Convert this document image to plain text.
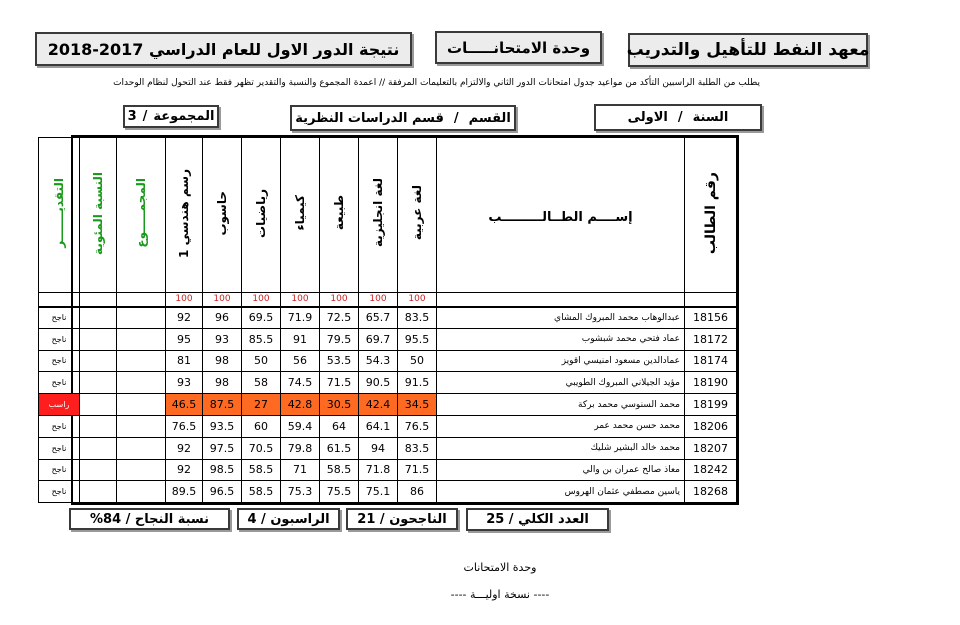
معهد النفط للتأهيل والتدريب
وحدة الامتحانـــــات
نتيجة الدور الاول للعام الدراسي 2017-2018
يطلب من الطلبة الراسبين التأكد من مواعيد جدول امتحانات الدور الثاني والالتزام بالتعليمات المرفقة // اعمدة المجموع والنسبة والتقدير تظهر فقط عند التحول لنظام الوحدات
السنة
/
الاولى
القسم
/
قسم الدراسات النظرية
المجموعة
/
3
رقم الطالب	إســــم الطــالـــــــــب	لغة عربية	لغة انجليزية	طبيعة	كيمياء	رياضيات	حاسوب	رسم هندسي 1	المجمـــــوع	النسبة المئوية	التقديـــــــر
		100	100	100	100	100	100	100			
18156	عبدالوهاب محمد المبروك المشاي	83.5	65.7	72.5	71.9	69.5	96	92			ناجح
18172	عماد فتحي محمد شبشوب	95.5	69.7	79.5	91	85.5	93	95			ناجح
18174	عمادالدين مسعود امنيسي اقويز	50	54.3	53.5	56	50	98	81			ناجح
18190	مؤيد الجيلاني المبروك الطويبي	91.5	90.5	71.5	74.5	58	98	93			ناجح
18199	محمد السنوسي محمد بركة	34.5	42.4	30.5	42.8	27	87.5	46.5			راسب
18206	محمد حسن محمد عمر	76.5	64.1	64	59.4	60	93.5	76.5			ناجح
18207	محمد خالد البشير شليك	83.5	94	61.5	79.8	70.5	97.5	92			ناجح
18242	معاذ صالح عمران بن والي	71.5	71.8	58.5	71	58.5	98.5	92			ناجح
18268	ياسين مصطفي عثمان الهروس	86	75.1	75.5	75.3	58.5	96.5	89.5			ناجح
العدد الكلي / 25
الناجحون / 21
الراسبون / 4
نسبة النجاح / 84%
وحدة الامتحانات
---- نسخة اوليـــة ----
